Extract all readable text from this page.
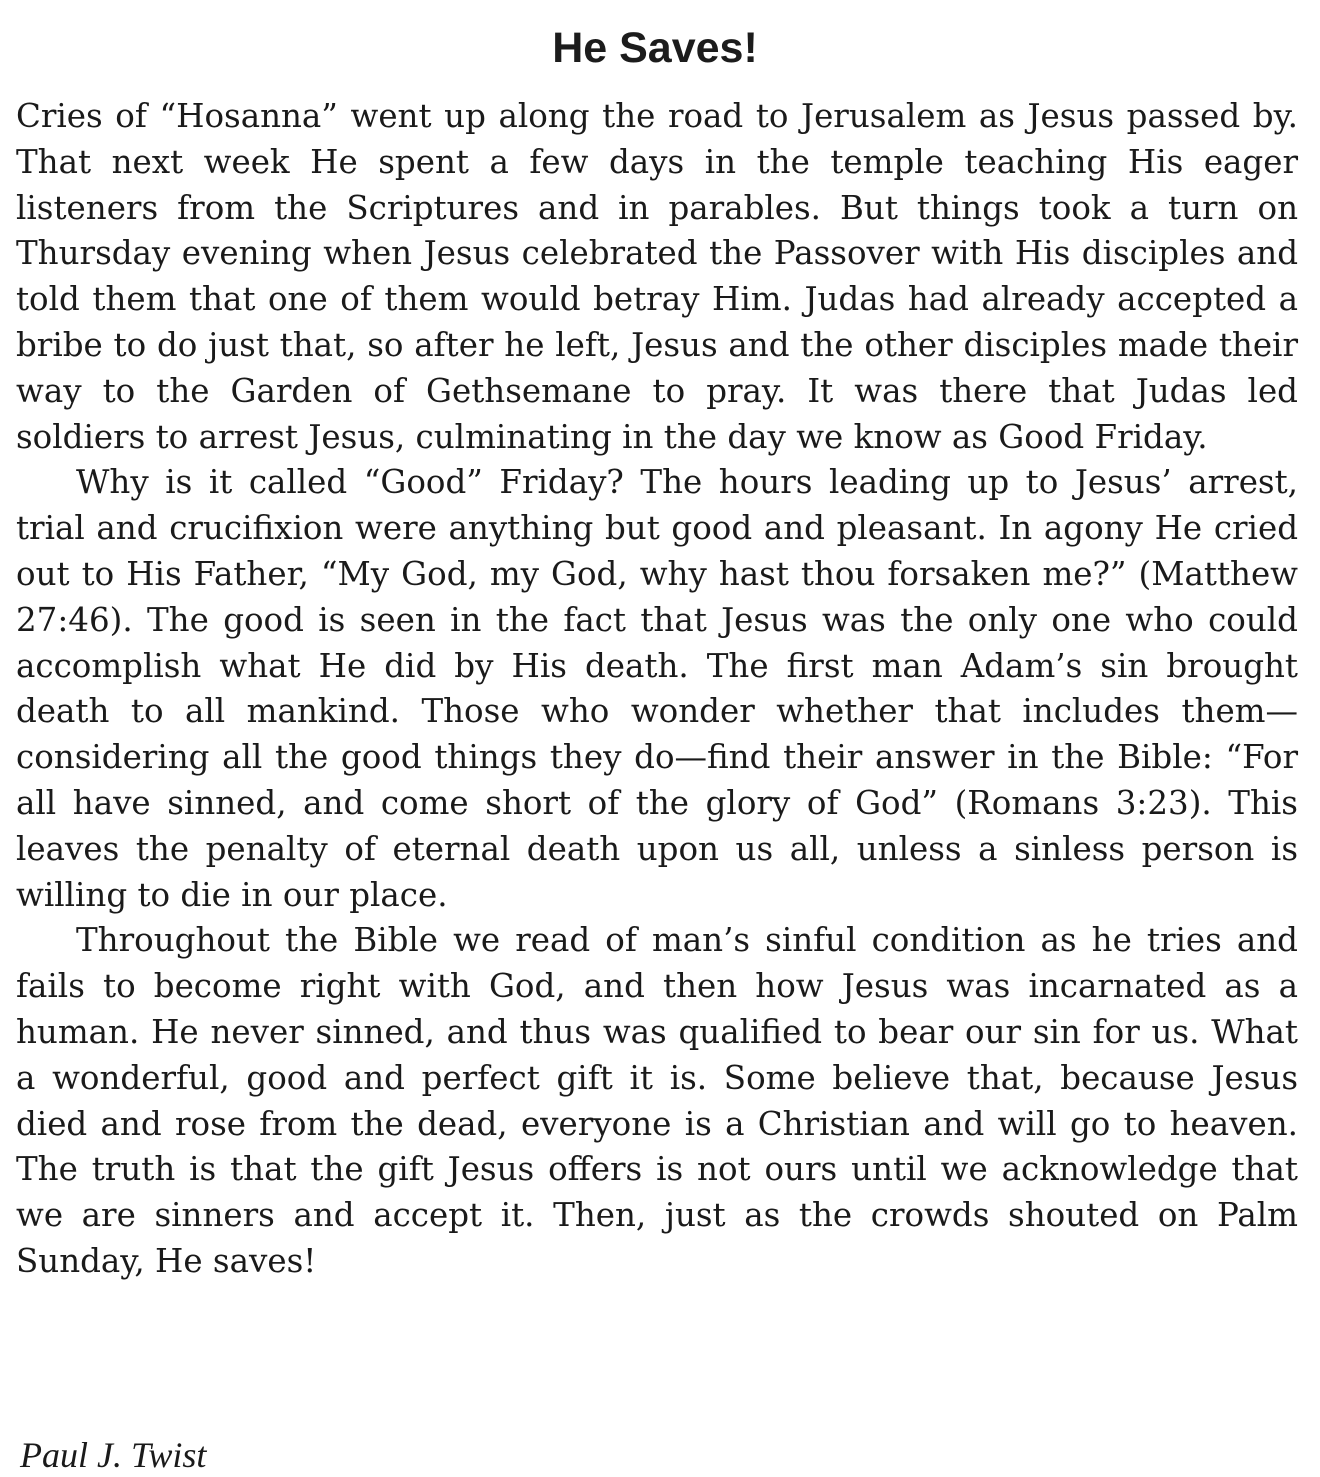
He Saves!

Cries of “Hosanna” went up along the road to Jerusalem as Jesus passed by. That next week He spent a few days in the temple teaching His eager listeners from the Scriptures and in parables. But things took a turn on Thursday evening when Jesus celebrated the Passover with His disciples and told them that one of them would betray Him. Judas had already accepted a bribe to do just that, so after he left, Jesus and the other disciples made their way to the Garden of Gethsemane to pray. It was there that Judas led soldiers to arrest Jesus, culminating in the day we know as Good Friday.

Why is it called “Good” Friday? The hours leading up to Jesus’ arrest, trial and crucifixion were anything but good and pleasant. In agony He cried out to His Father, “My God, my God, why hast thou forsaken me?” (Matthew 27:46). The good is seen in the fact that Jesus was the only one who could accomplish what He did by His death. The first man Adam’s sin brought death to all mankind. Those who wonder whether that includes them—considering all the good things they do—find their answer in the Bible: “For all have sinned, and come short of the glory of God” (Romans 3:23). This leaves the penalty of eternal death upon us all, unless a sinless person is willing to die in our place.

Throughout the Bible we read of man’s sinful condition as he tries and fails to become right with God, and then how Jesus was incarnated as a human. He never sinned, and thus was qualified to bear our sin for us. What a wonderful, good and perfect gift it is. Some believe that, because Jesus died and rose from the dead, everyone is a Christian and will go to heaven. The truth is that the gift Jesus offers is not ours until we acknowledge that we are sinners and accept it. Then, just as the crowds shouted on Palm Sunday, He saves!

Paul J. Twist
